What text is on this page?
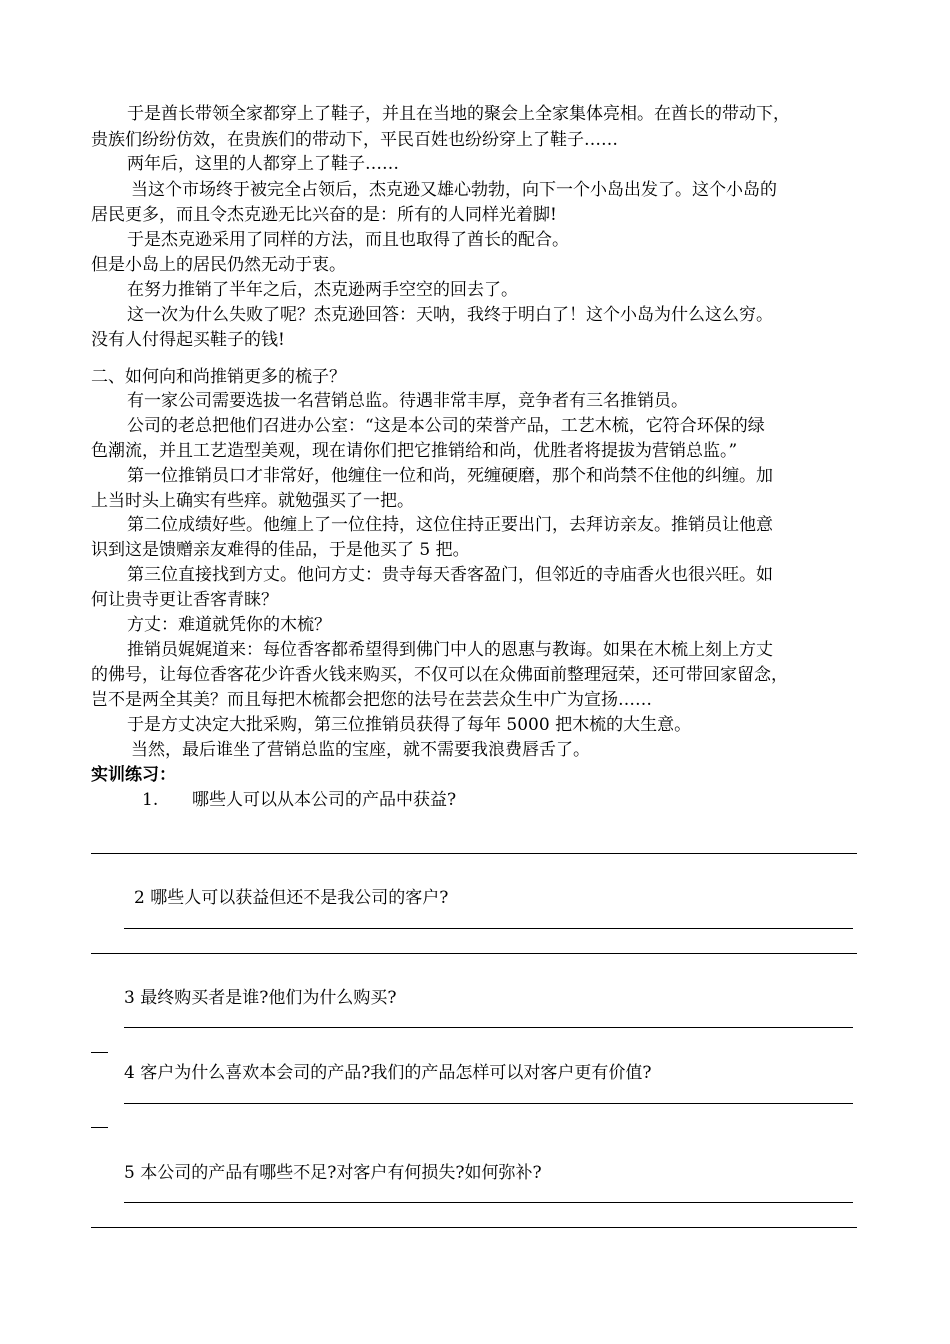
于是酋长带领全家都穿上了鞋子，并且在当地的聚会上全家集体亮相。在酋长的带动下，
贵族们纷纷仿效，在贵族们的带动下，平民百姓也纷纷穿上了鞋子……
两年后，这里的人都穿上了鞋子……
当这个市场终于被完全占领后，杰克逊又雄心勃勃，向下一个小岛出发了。这个小岛的
居民更多，而且令杰克逊无比兴奋的是：所有的人同样光着脚!
于是杰克逊采用了同样的方法，而且也取得了酋长的配合。
但是小岛上的居民仍然无动于衷。
在努力推销了半年之后，杰克逊两手空空的回去了。
这一次为什么失败了呢？杰克逊回答：天呐，我终于明白了！这个小岛为什么这么穷。
没有人付得起买鞋子的钱!
二、如何向和尚推销更多的梳子？
有一家公司需要选拔一名营销总监。待遇非常丰厚，竞争者有三名推销员。
公司的老总把他们召进办公室：“这是本公司的荣誉产品，工艺木梳，它符合环保的绿
色潮流，并且工艺造型美观，现在请你们把它推销给和尚，优胜者将提拔为营销总监。”
第一位推销员口才非常好，他缠住一位和尚，死缠硬磨，那个和尚禁不住他的纠缠。加
上当时头上确实有些痒。就勉强买了一把。
第二位成绩好些。他缠上了一位住持，这位住持正要出门，去拜访亲友。推销员让他意
识到这是馈赠亲友难得的佳品，于是他买了 5 把。
第三位直接找到方丈。他问方丈：贵寺每天香客盈门，但邻近的寺庙香火也很兴旺。如
何让贵寺更让香客青睐？
方丈：难道就凭你的木梳？
推销员娓娓道来：每位香客都希望得到佛门中人的恩惠与教诲。如果在木梳上刻上方丈
的佛号，让每位香客花少许香火钱来购买，不仅可以在众佛面前整理冠荣，还可带回家留念，
岂不是两全其美？而且每把木梳都会把您的法号在芸芸众生中广为宣扬……
于是方丈决定大批采购，第三位推销员获得了每年 5000 把木梳的大生意。
当然，最后谁坐了营销总监的宝座，就不需要我浪费唇舌了。
实训练习：
1. 哪些人可以从本公司的产品中获益?
2 哪些人可以获益但还不是我公司的客户?
3 最终购买者是谁?他们为什么购买?
4 客户为什么喜欢本会司的产品?我们的产品怎样可以对客户更有价值?
5 本公司的产品有哪些不足?对客户有何损失?如何弥补?
